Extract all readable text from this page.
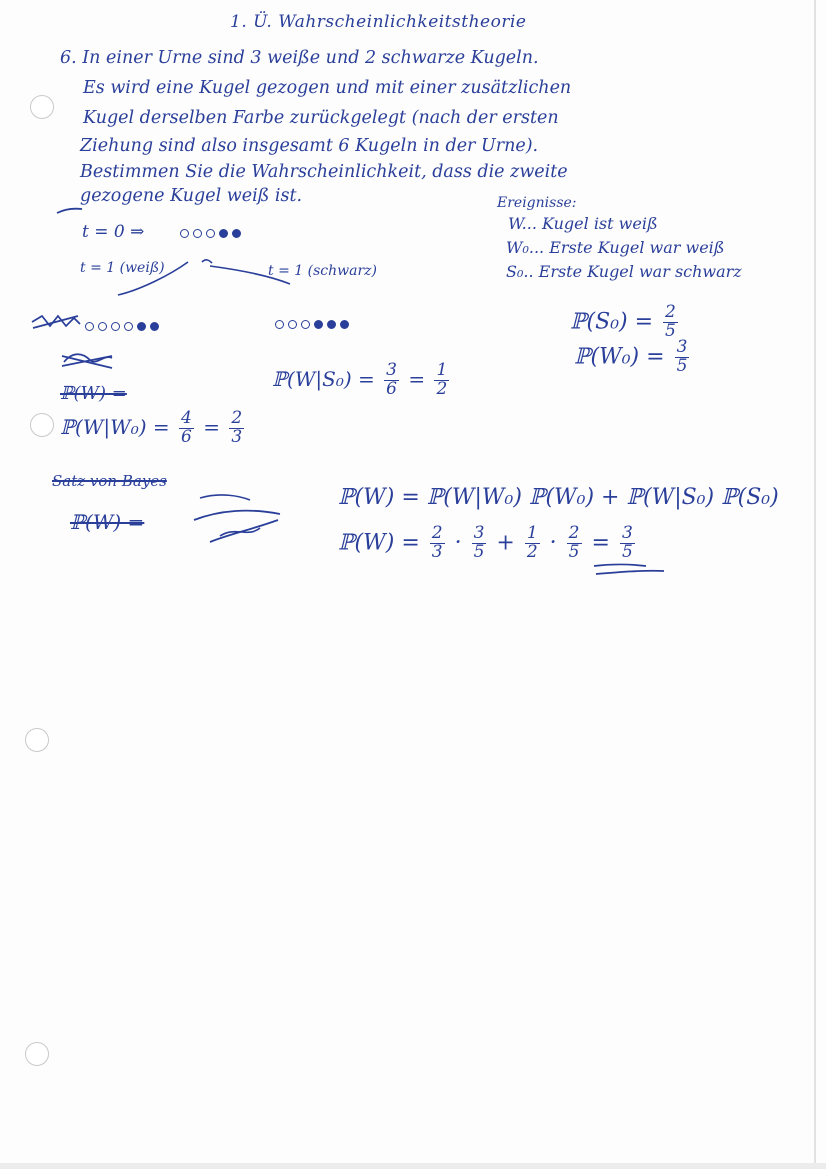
1. Ü. Wahrscheinlichkeitstheorie
6. In einer Urne sind 3 weiße und 2 schwarze Kugeln.
Es wird eine Kugel gezogen und mit einer zusätzlichen
Kugel derselben Farbe zurückgelegt (nach der ersten
Ziehung sind also insgesamt 6 Kugeln in der Urne).
Bestimmen Sie die Wahrscheinlichkeit, dass die zweite
gezogene Kugel weiß ist.	Ereignisse:
W... Kugel ist weiß
W₀... Erste Kugel war weiß
S₀.. Erste Kugel war schwarz
t = 0 ⇒
t = 1 (weiß)	t = 1 (schwarz)
ℙ(W) =
ℙ(S₀) = $\frac{2}{5}$
ℙ(W₀) = $\frac{3}{5}$
ℙ(W|S₀) = $\frac{3}{6} = \frac{1}{2}$
ℙ(W|W₀) = $\frac{4}{6} = \frac{2}{3}$
Satz von Bayes
ℙ(W) =
ℙ(W) = ℙ(W|W₀) ℙ(W₀) + ℙ(W|S₀) ℙ(S₀)
ℙ(W) = $\frac{2}{3} \cdot \frac{3}{5} + \frac{1}{2} \cdot \frac{2}{5} = \frac{3}{5}$
